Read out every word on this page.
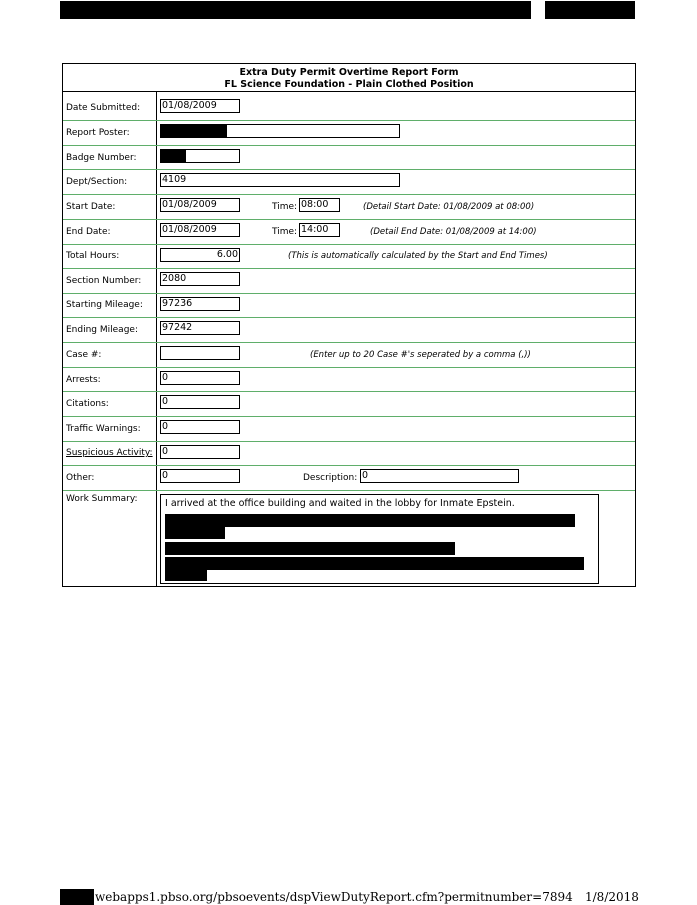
Extra Duty Permit Overtime Report Form
FL Science Foundation - Plain Clothed Position
Date Submitted: 01/08/2009
Report Poster:
Badge Number:
Dept/Section:	4109
Start Date:	01/08/2009	Time: 08:00	(Detail Start Date: 01/08/2009 at 08:00)
End Date:	01/08/2009	Time: 14:00	(Detail End Date: 01/08/2009 at 14:00)
Total Hours:	6.00	(This is automatically calculated by the Start and End Times)
Section Number: 2080
Starting Mileage: 97236
Ending Mileage:	97242
Case #:	(Enter up to 20 Case #'s seperated by a comma (,))
Arrests:	0
Citations:	0
Traffic Warnings: 0
Suspicious Activity: 0
Other:	0	Description: 0
Work Summary:	I arrived at the office building and waited in the lobby for Inmate Epstein.
webapps1.pbso.org/pbsoevents/dspViewDutyReport.cfm?permitnumber=7894 1/8/2018
